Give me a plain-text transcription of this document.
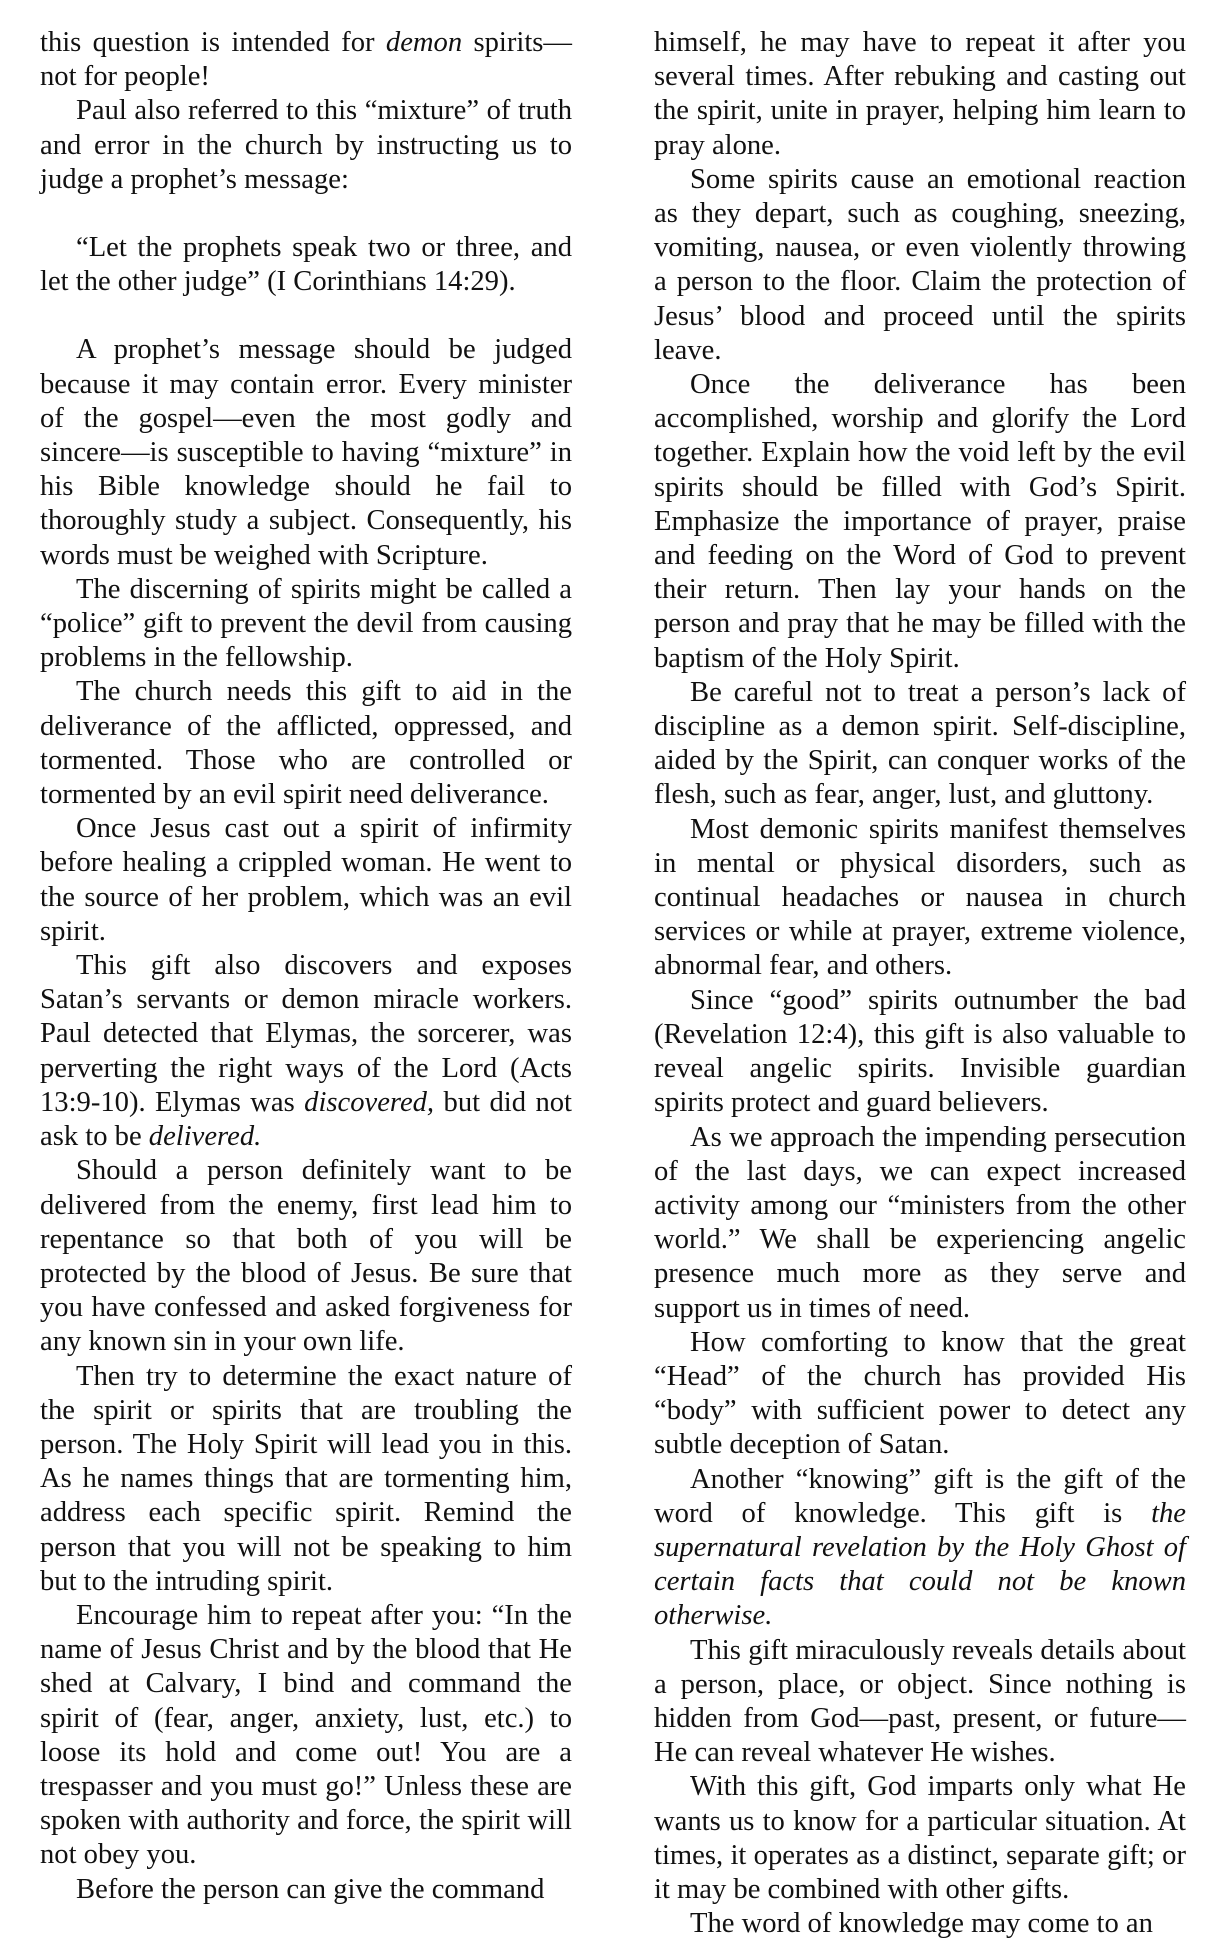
this question is intended for demon spirits—not for people!

Paul also referred to this “mixture” of truth and error in the church by instructing us to judge a prophet’s message:

“Let the prophets speak two or three, and let the other judge” (I Corinthians 14:29).

A prophet’s message should be judged because it may contain error. Every minister of the gospel—even the most godly and sincere—is susceptible to having “mixture” in his Bible knowledge should he fail to thoroughly study a subject. Consequently, his words must be weighed with Scripture.

The discerning of spirits might be called a “police” gift to prevent the devil from causing problems in the fellowship.

The church needs this gift to aid in the deliverance of the afflicted, oppressed, and tormented. Those who are controlled or tormented by an evil spirit need deliverance.

Once Jesus cast out a spirit of infirmity before healing a crippled woman. He went to the source of her problem, which was an evil spirit.

This gift also discovers and exposes Satan’s servants or demon miracle workers. Paul detected that Elymas, the sorcerer, was perverting the right ways of the Lord (Acts 13:9-10). Elymas was discovered, but did not ask to be delivered.

Should a person definitely want to be delivered from the enemy, first lead him to repentance so that both of you will be protected by the blood of Jesus. Be sure that you have confessed and asked forgiveness for any known sin in your own life.

Then try to determine the exact nature of the spirit or spirits that are troubling the person. The Holy Spirit will lead you in this. As he names things that are tormenting him, address each specific spirit. Remind the person that you will not be speaking to him but to the intruding spirit.

Encourage him to repeat after you: “In the name of Jesus Christ and by the blood that He shed at Calvary, I bind and command the spirit of (fear, anger, anxiety, lust, etc.) to loose its hold and come out! You are a trespasser and you must go!” Unless these are spoken with authority and force, the spirit will not obey you.

Before the person can give the command

himself, he may have to repeat it after you several times. After rebuking and casting out the spirit, unite in prayer, helping him learn to pray alone.

Some spirits cause an emotional reaction as they depart, such as coughing, sneezing, vomiting, nausea, or even violently throwing a person to the floor. Claim the protection of Jesus’ blood and proceed until the spirits leave.

Once the deliverance has been accomplished, worship and glorify the Lord together. Explain how the void left by the evil spirits should be filled with God’s Spirit. Emphasize the importance of prayer, praise and feeding on the Word of God to prevent their return. Then lay your hands on the person and pray that he may be filled with the baptism of the Holy Spirit.

Be careful not to treat a person’s lack of discipline as a demon spirit. Self-discipline, aided by the Spirit, can conquer works of the flesh, such as fear, anger, lust, and gluttony.

Most demonic spirits manifest themselves in mental or physical disorders, such as continual headaches or nausea in church services or while at prayer, extreme violence, abnormal fear, and others.

Since “good” spirits outnumber the bad (Revelation 12:4), this gift is also valuable to reveal angelic spirits. Invisible guardian spirits protect and guard believers.

As we approach the impending persecution of the last days, we can expect increased activity among our “ministers from the other world.” We shall be experiencing angelic presence much more as they serve and support us in times of need.

How comforting to know that the great “Head” of the church has provided His “body” with sufficient power to detect any subtle deception of Satan.

Another “knowing” gift is the gift of the word of knowledge. This gift is the supernatural revelation by the Holy Ghost of certain facts that could not be known otherwise.

This gift miraculously reveals details about a person, place, or object. Since nothing is hidden from God—past, present, or future—He can reveal whatever He wishes.

With this gift, God imparts only what He wants us to know for a particular situation. At times, it operates as a distinct, separate gift; or it may be combined with other gifts.

The word of knowledge may come to an
